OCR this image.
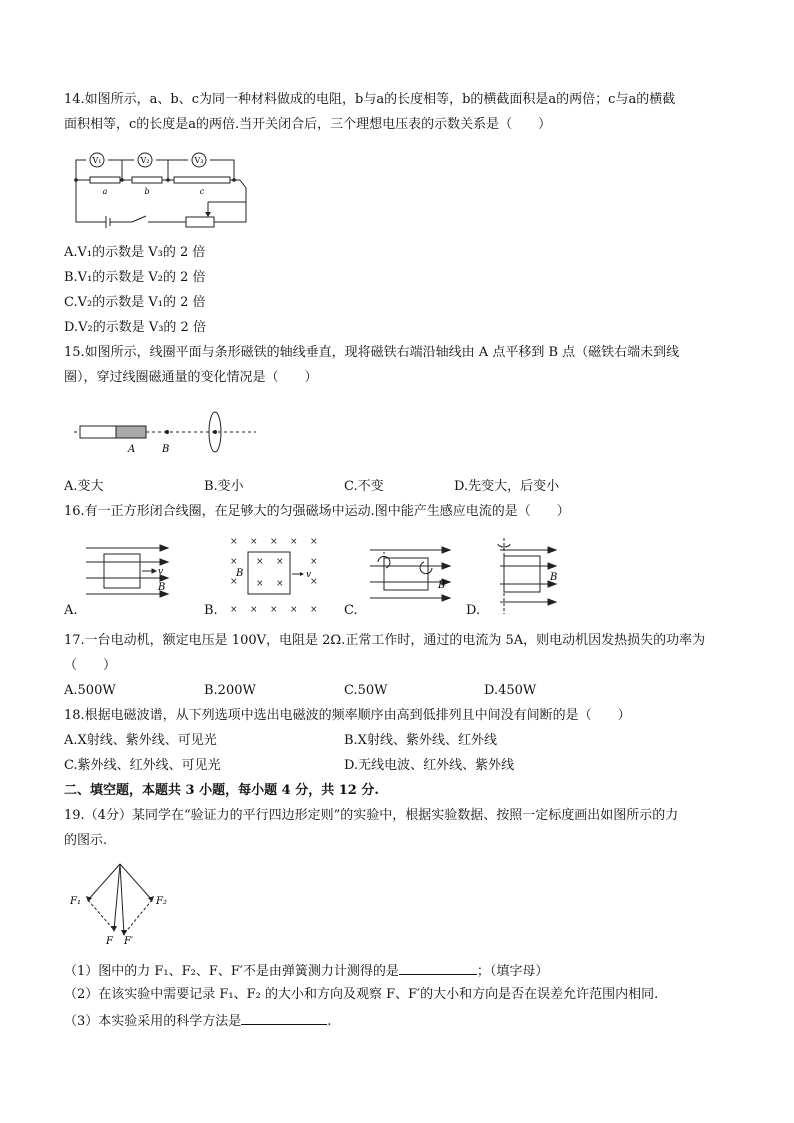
14.如图所示，a、b、c为同一种材料做成的电阻，b与a的长度相等，b的横截面积是a的两倍；c与a的横截
面积相等，c的长度是a的两倍.当开关闭合后，三个理想电压表的示数关系是（　　）
V₁	V₂	V₃
a	b	c
A.V₁的示数是 V₃的 2 倍
B.V₁的示数是 V₂的 2 倍
C.V₂的示数是 V₁的 2 倍
D.V₂的示数是 V₃的 2 倍
15.如图所示，线圈平面与条形磁铁的轴线垂直，现将磁铁右端沿轴线由 A 点平移到 B 点（磁铁右端未到线
圈），穿过线圈磁通量的变化情况是（　　）
A	B
A.变大	B.变小	C.不变	D.先变大，后变小
16.有一正方形闭合线圈，在足够大的匀强磁场中运动.图中能产生感应电流的是（　　）
v
B
A.
× × × × ×
×	×
×	×
× × × × ×
× ×
× ×
B	v
B.
B
C.
B
D.
17.一台电动机，额定电压是 100V，电阻是 2Ω.正常工作时，通过的电流为 5A，则电动机因发热损失的功率为
（　　）
A.500W	B.200W	C.50W	D.450W
18.根据电磁波谱，从下列选项中选出电磁波的频率顺序由高到低排列且中间没有间断的是（　　）
A.X射线、紫外线、可见光	B.X射线、紫外线、红外线
C.紫外线、红外线、可见光	D.无线电波、红外线、紫外线
二、填空题，本题共 3 小题，每小题 4 分，共 12 分.
19.（4分）某同学在“验证力的平行四边形定则”的实验中，根据实验数据、按照一定标度画出如图所示的力
的图示.
F₁	F₂
F F′
（1）图中的力 F₁、F₂、F、F′不是由弹簧测力计测得的是	；（填字母）
（2）在该实验中需要记录 F₁、F₂ 的大小和方向及观察 F、F′的大小和方向是否在误差允许范围内相同.
（3）本实验采用的科学方法是	.
